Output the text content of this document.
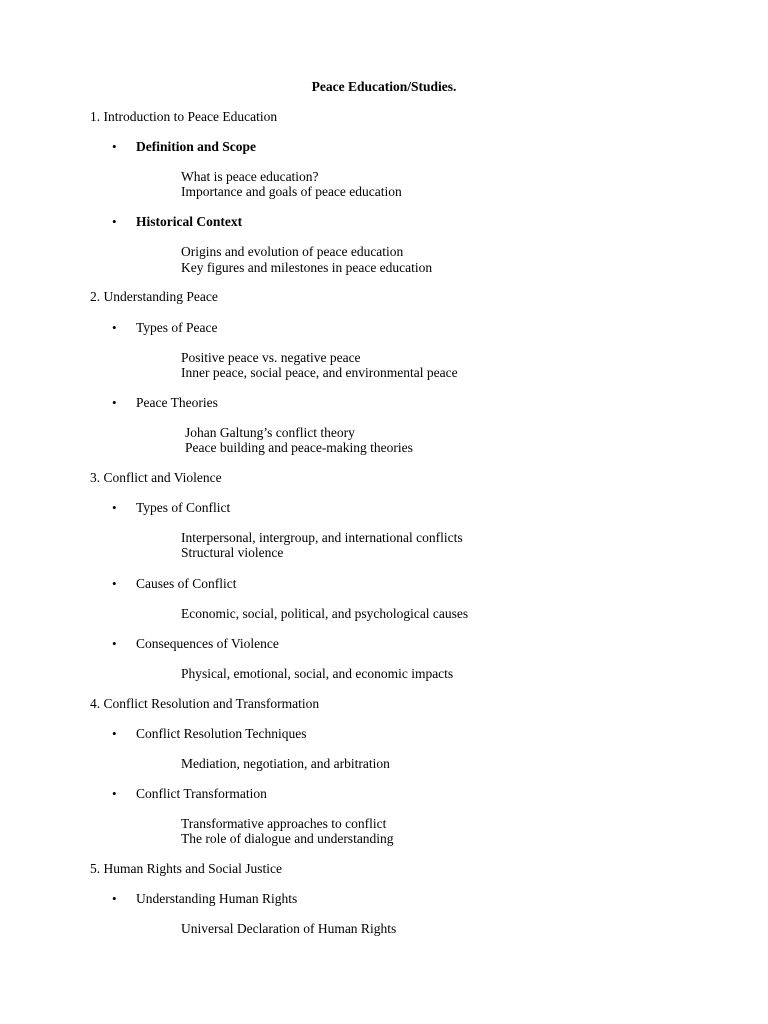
Peace Education/Studies.
1. Introduction to Peace Education
• Definition and Scope
What is peace education?
Importance and goals of peace education
• Historical Context
Origins and evolution of peace education
Key figures and milestones in peace education
2. Understanding Peace
• Types of Peace
Positive peace vs. negative peace
Inner peace, social peace, and environmental peace
• Peace Theories
Johan Galtung’s conflict theory
Peace building and peace-making theories
3. Conflict and Violence
• Types of Conflict
Interpersonal, intergroup, and international conflicts
Structural violence
• Causes of Conflict
Economic, social, political, and psychological causes
• Consequences of Violence
Physical, emotional, social, and economic impacts
4. Conflict Resolution and Transformation
• Conflict Resolution Techniques
Mediation, negotiation, and arbitration
• Conflict Transformation
Transformative approaches to conflict
The role of dialogue and understanding
5. Human Rights and Social Justice
• Understanding Human Rights
Universal Declaration of Human Rights
